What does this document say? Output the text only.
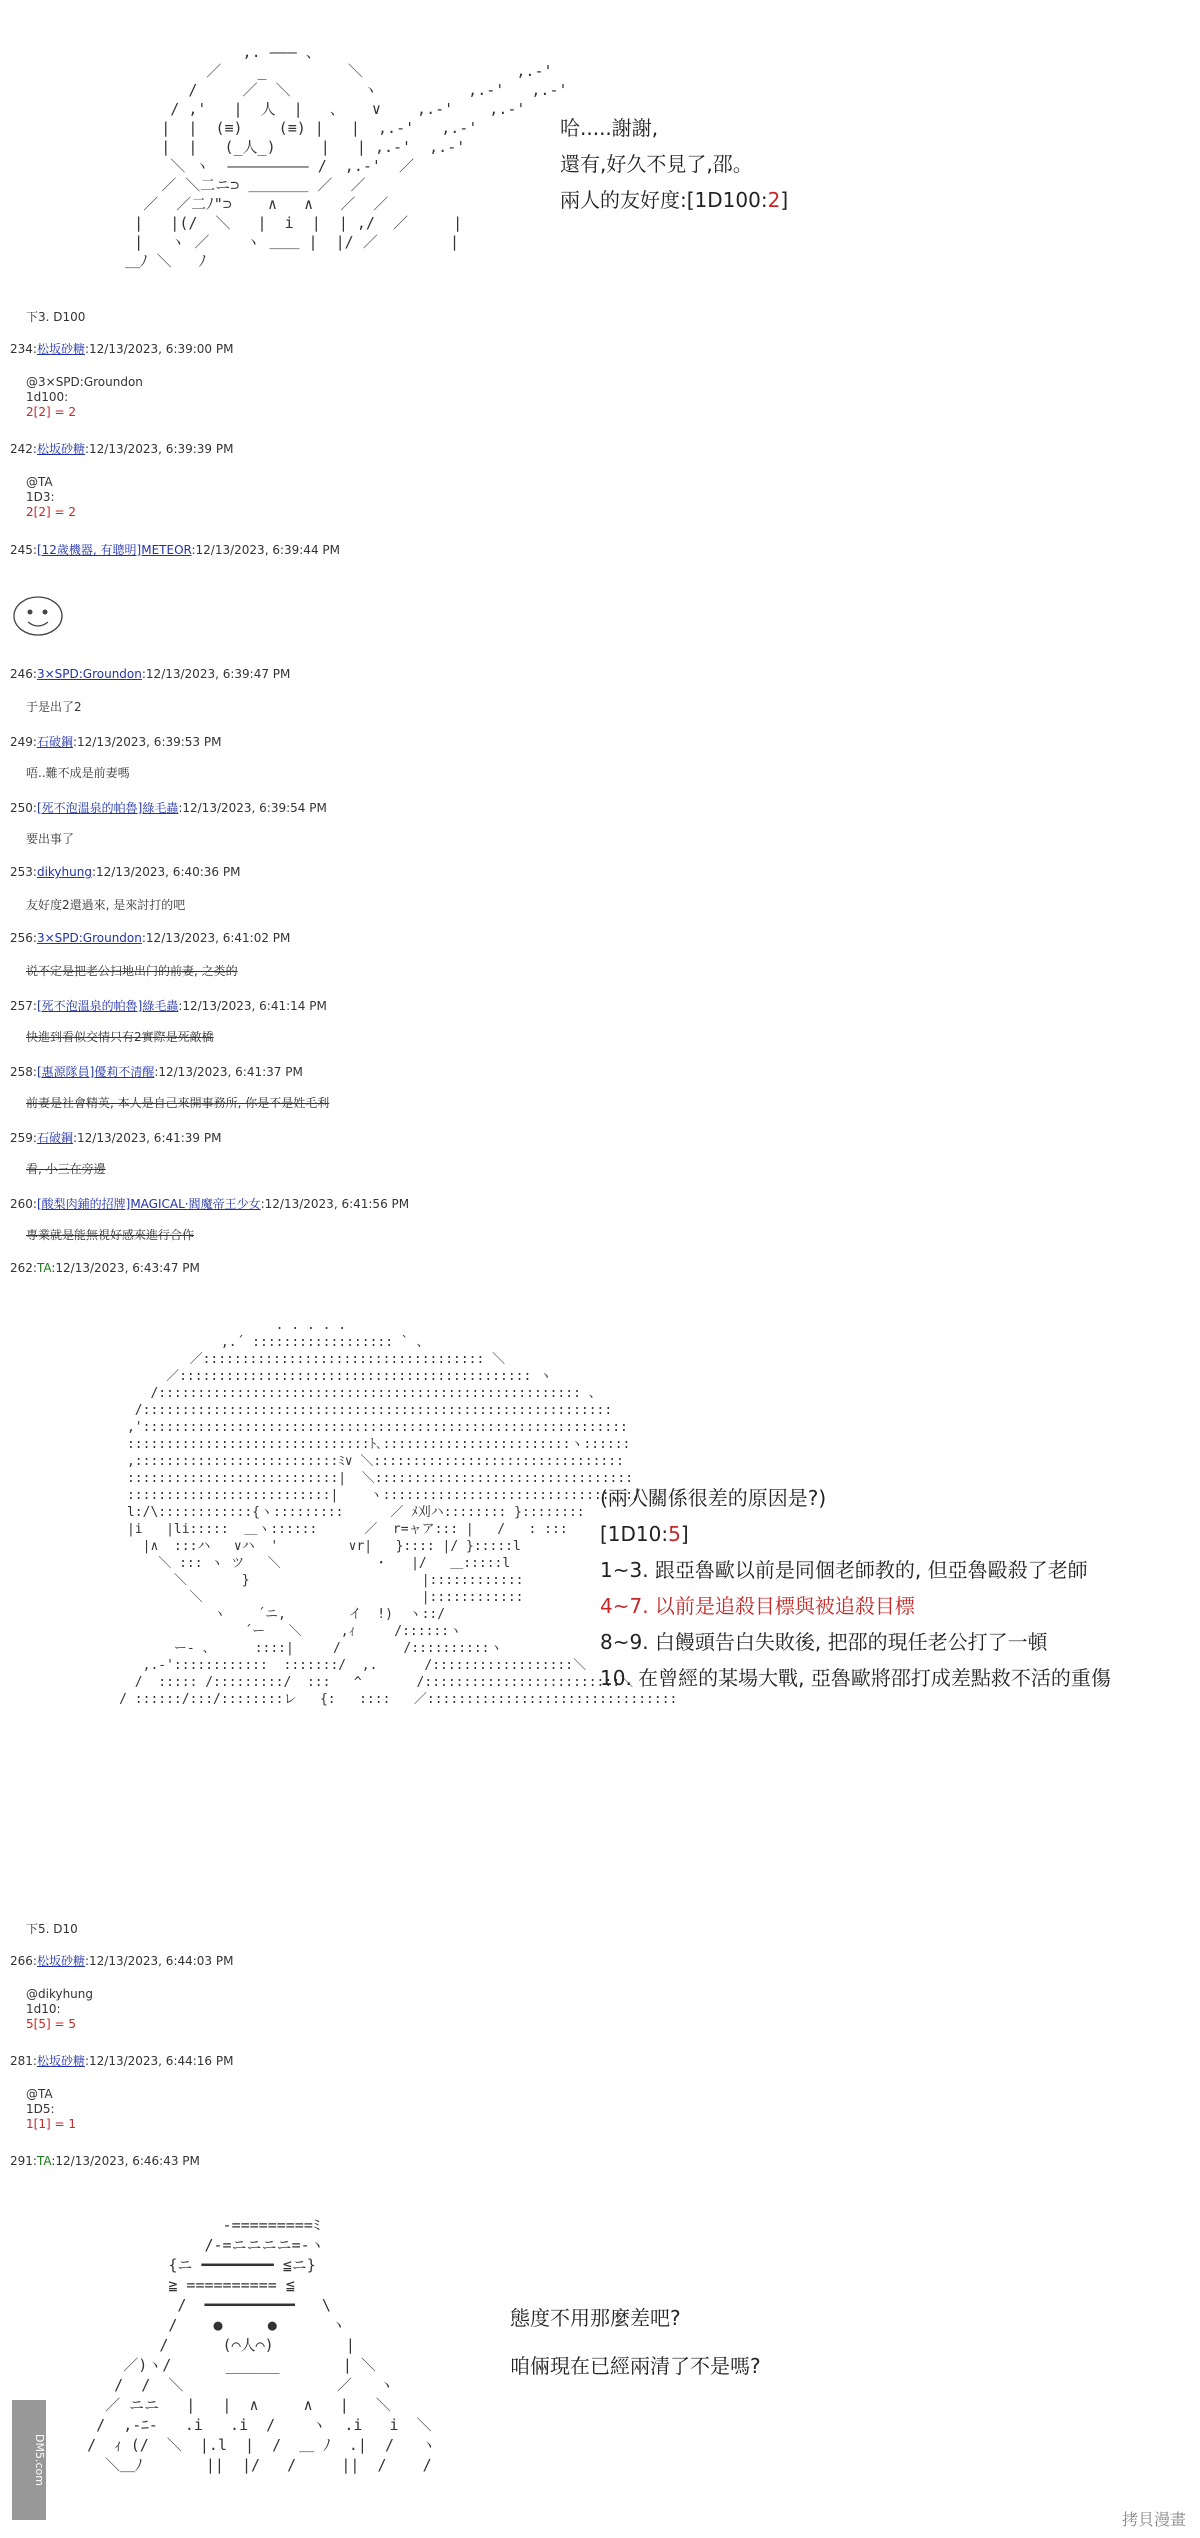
,. ――― 、
／    _         ＼                 ,.-'
/     ／  ＼        ヽ          ,.-'   ,.-'
/ ,'   |  人  |   、   ∨    ,.-'    ,.-'
|  |  (≡)    (≡) |   |  ,.-'   ,.-'
|  |   (_人_)     |   | ,.-'  ,.-'
＼ ヽ  ――――――――― /  ,.-'  ／
／ ＼二ニ⊃ ＿＿＿＿ ／  ／
／  ／二ﾉ"⊃    ∧   ∧   ／  ／
|   |(/  ＼   |  i  |  | ,/  ／     |
|   ヽ ／    ヽ ＿＿ |  |/ ／        |
＿ﾉ ＼   ﾉ

哈.....謝謝,
還有,好久不見了,邵。
兩人的友好度:[1D100:2]
下3. D100
234:松坂砂糖:12/13/2023, 6:39:00 PM
@3×SPD:Groundon
1d100:
2[2] = 2
242:松坂砂糖:12/13/2023, 6:39:39 PM
@TA
1D3:
2[2] = 2
245:[12歲機器, 有聰明]METEOR:12/13/2023, 6:39:44 PM
246:3×SPD:Groundon:12/13/2023, 6:39:47 PM
于是出了2
249:石破鋼:12/13/2023, 6:39:53 PM
唔..難不成是前妻嗎
250:[死不泡溫泉的帕魯]綠毛蟲:12/13/2023, 6:39:54 PM
要出事了
253:dikyhung:12/13/2023, 6:40:36 PM
友好度2還過來, 是來討打的吧
256:3×SPD:Groundon:12/13/2023, 6:41:02 PM
说不定是把老公扫地出门的前妻, 之类的
257:[死不泡溫泉的帕魯]綠毛蟲:12/13/2023, 6:41:14 PM
快進到看似交情只有2實際是死敵橋
258:[惠源隊員]優莉不清醒:12/13/2023, 6:41:37 PM
前妻是社會精英, 本人是自己來開事務所, 你是不是姓毛利
259:石破鋼:12/13/2023, 6:41:39 PM
看, 小三在旁邊
260:[酸梨肉鋪的招牌]MAGICAL·閻魔帝王少女:12/13/2023, 6:41:56 PM
專業就是能無視好感來進行合作
262:TA:12/13/2023, 6:43:47 PM
. . . . .
,.´ :::::::::::::::::: ` 、
／:::::::::::::::::::::::::::::::::::: ＼
／::::::::::::::::::::::::::::::::::::::::::::: ヽ
/:::::::::::::::::::::::::::::::::::::::::::::::::::::: 、
/::::::::::::::::::::::::::::::::::::::::::::::::::::::::::::
,'::::::::::::::::::::::::::::::::::::::::::::::::::::::::::::::
:::::::::::::::::::::::::::::::ﾄ､::::::::::::::::::::::::ヽ::::::
,::::::::::::::::::::::::::ﾐ∨ ＼::::::::::::::::::::::::::::::::
:::::::::::::::::::::::::::|  ＼:::::::::::::::::::::::::::::::::
::::::::::::::::::::::::::|    ヽ::::::::::::::::::::::::::::::::/\
l:/\::::::::::::{ヽ:::::::::      ／ ﾒ刈ハ:::::::: }::::::::
|i   |li:::::  ＿ヽ::::::      ／  r=ャア::: |   /   : :::
|∧  :::ハ   ∨ハ  '         ∨r|   }:::: |/ }:::::l
＼ ::: ヽ ツ   ＼            ・   |/   ＿:::::l
＼       }                      |::::::::::::
＼                            |::::::::::::
ヽ    ´ニ,        イ  !)  ヽ::/
´ー   ＼     ,ｨ     /::::::ヽ
ー- 、     ::::|     /        /::::::::::ヽ
,.-'::::::::::::  :::::::/  ,.      /::::::::::::::::::＼
/  ::::: /:::::::::/  :::   ^       /:::::::::::::::::::::::::＼
/ ::::::/:::/::::::::レ   {:   ::::   ／::::::::::::::::::::::::::::::::

(兩人關係很差的原因是?)
[1D10:5]
1~3. 跟亞魯歐以前是同個老師教的, 但亞魯毆殺了老師
4~7. 以前是追殺目標與被追殺目標
8~9. 白饅頭告白失敗後, 把邵的現任老公打了一頓
10. 在曾經的某場大戰, 亞魯歐將邵打成差點救不活的重傷
下5. D10
266:松坂砂糖:12/13/2023, 6:44:03 PM
@dikyhung
1d10:
5[5] = 5
281:松坂砂糖:12/13/2023, 6:44:16 PM
@TA
1D5:
1[1] = 1
291:TA:12/13/2023, 6:46:43 PM
-=========ﾐ
/-=ニニニニ=-ヽ
{ニ ━━━━━━━━ ≦ニ}
≧ ========== ≦
/  ━━━━━━━━━━   \
/    ●     ●      ヽ
/      (⌒人⌒)        |
／)ヽ/      ______       | ＼
/  /  ＼                 ／   ヽ
／ ニニ   |   |  ∧     ∧   |   ＼
/  ,-ﾆ-   .i   .i  /    ヽ  .i   i  ＼
/  ｨ (/  ＼  |.l  |  /  ＿ ﾉ  .|  /   ヽ
＼＿ﾉ       ||  |/   /     ||  /    /

態度不用那麼差吧?
咱倆現在已經兩清了不是嗎?
DM5.com
拷貝漫畫
